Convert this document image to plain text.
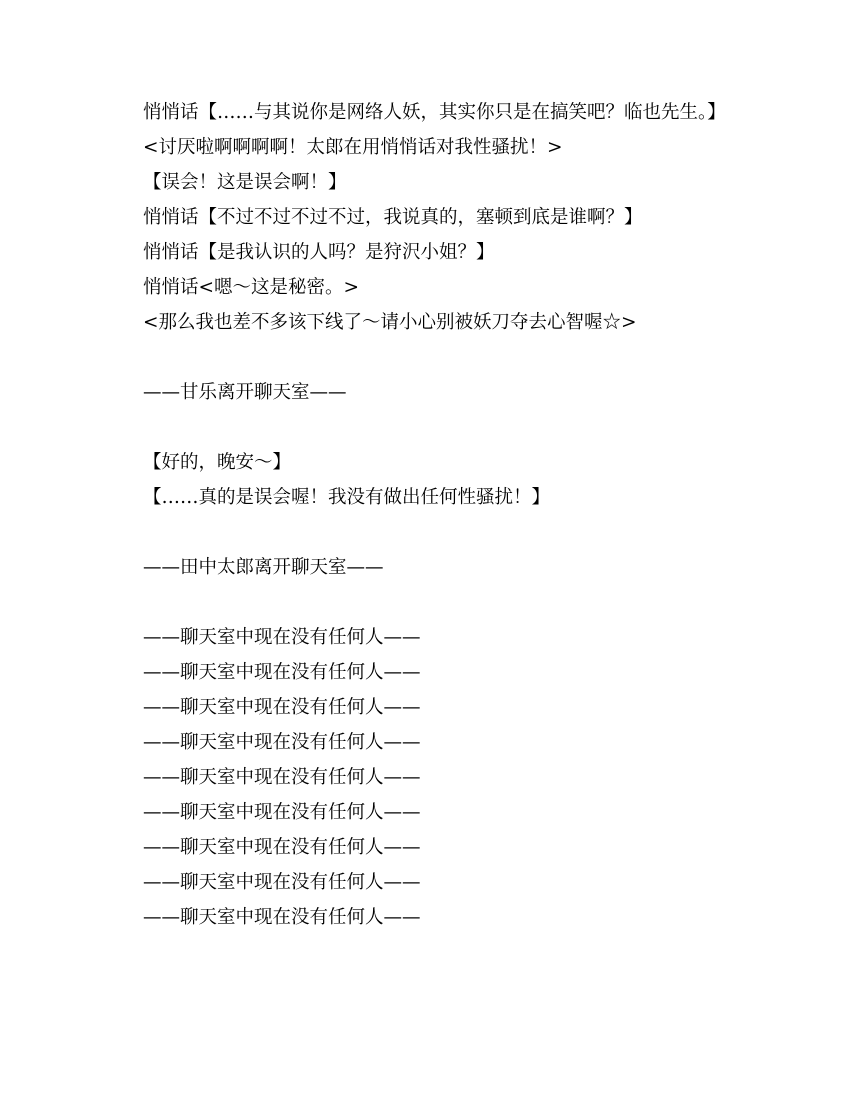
悄悄话【……与其说你是网络人妖，其实你只是在搞笑吧？临也先生。】

<讨厌啦啊啊啊啊！太郎在用悄悄话对我性骚扰！>

【误会！这是误会啊！】

悄悄话【不过不过不过不过，我说真的，塞顿到底是谁啊？】

悄悄话【是我认识的人吗？是狩沢小姐？】

悄悄话<嗯～这是秘密。>

<那么我也差不多该下线了～请小心别被妖刀夺去心智喔☆>

——甘乐离开聊天室——

【好的，晚安～】

【……真的是误会喔！我没有做出任何性骚扰！】

——田中太郎离开聊天室——

——聊天室中现在没有任何人——

——聊天室中现在没有任何人——

——聊天室中现在没有任何人——

——聊天室中现在没有任何人——

——聊天室中现在没有任何人——

——聊天室中现在没有任何人——

——聊天室中现在没有任何人——

——聊天室中现在没有任何人——

——聊天室中现在没有任何人——
